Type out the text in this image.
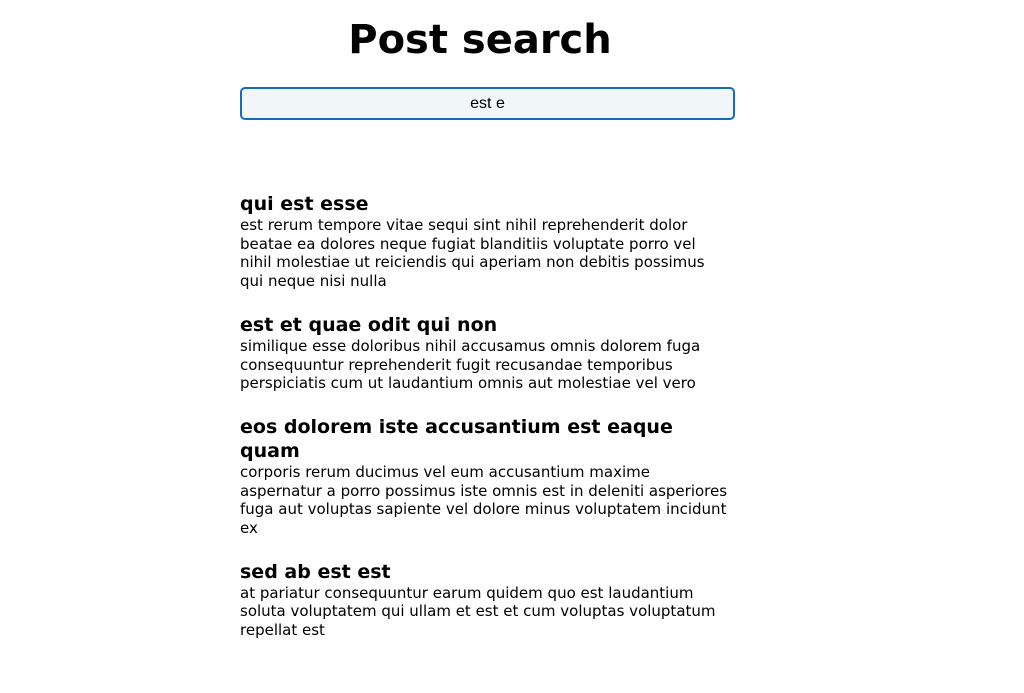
Post search
est e
qui est esse

est rerum tempore vitae sequi sint nihil reprehenderit dolor beatae ea dolores neque fugiat blanditiis voluptate porro vel nihil molestiae ut reiciendis qui aperiam non debitis possimus qui neque nisi nulla

est et quae odit qui non

similique esse doloribus nihil accusamus omnis dolorem fuga consequuntur reprehenderit fugit recusandae temporibus perspiciatis cum ut laudantium omnis aut molestiae vel vero

eos dolorem iste accusantium est eaque quam

corporis rerum ducimus vel eum accusantium maxime aspernatur a porro possimus iste omnis est in deleniti asperiores fuga aut voluptas sapiente vel dolore minus voluptatem incidunt ex

sed ab est est

at pariatur consequuntur earum quidem quo est laudantium soluta voluptatem qui ullam et est et cum voluptas voluptatum repellat est
